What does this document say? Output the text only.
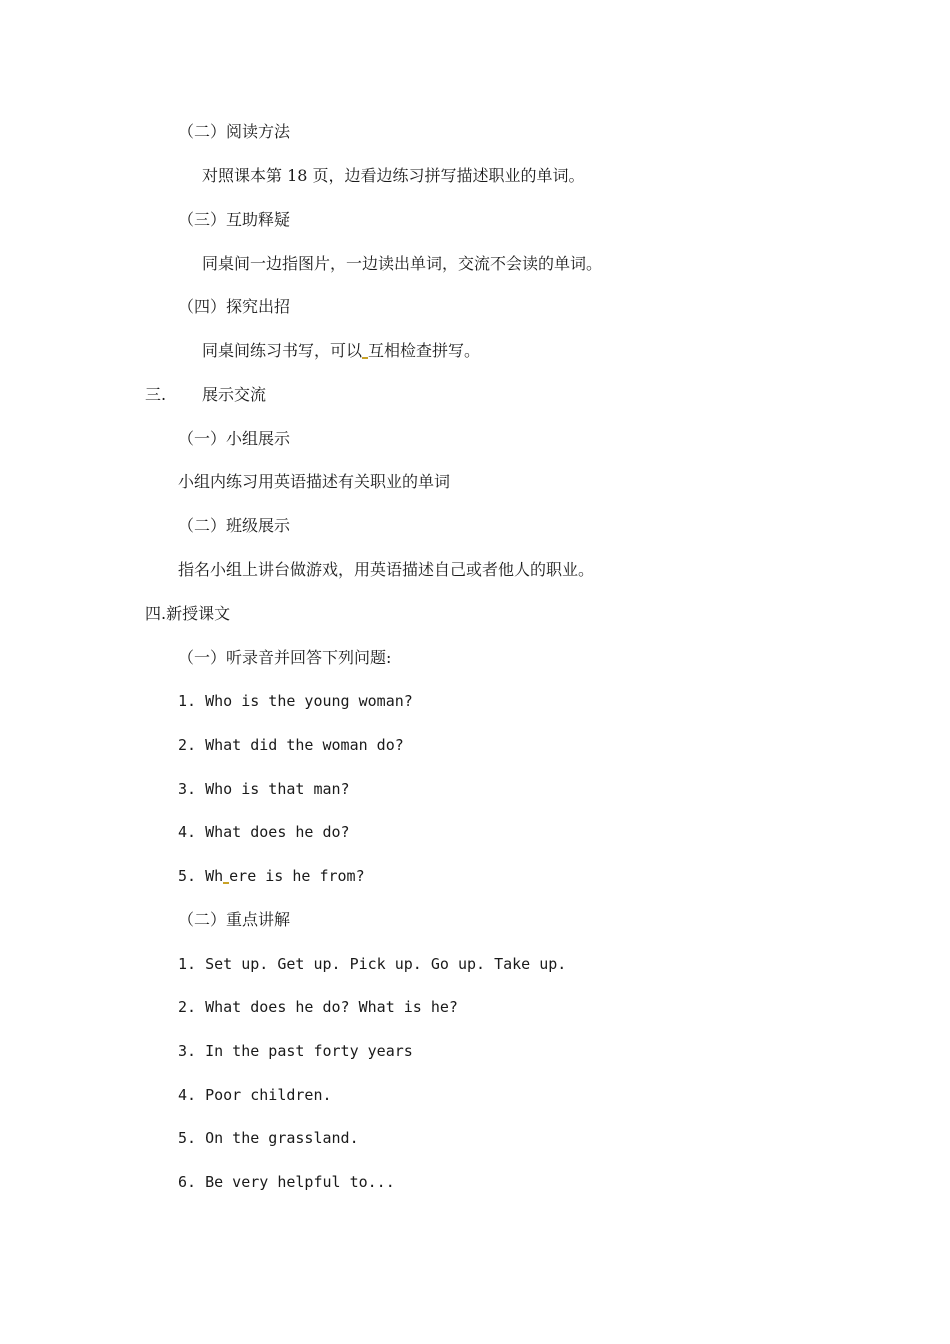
（二）阅读方法
对照课本第 18 页，边看边练习拼写描述职业的单词。
（三）互助释疑
同桌间一边指图片，一边读出单词，交流不会读的单词。
（四）探究出招
同桌间练习书写，可以 互相检查拼写。
三. 展示交流
（一）小组展示
小组内练习用英语描述有关职业的单词
（二）班级展示
指名小组上讲台做游戏，用英语描述自己或者他人的职业。
四.新授课文
（一）听录音并回答下列问题:
1. Who is the young woman?
2. What did the woman do?
3. Who is that man?
4. What does he do?
5. Wh ere is he from?
（二）重点讲解
1. Set up. Get up. Pick up. Go up. Take up.
2. What does he do? What is he?
3. In the past forty years
4. Poor children.
5. On the grassland.
6. Be very helpful to...
